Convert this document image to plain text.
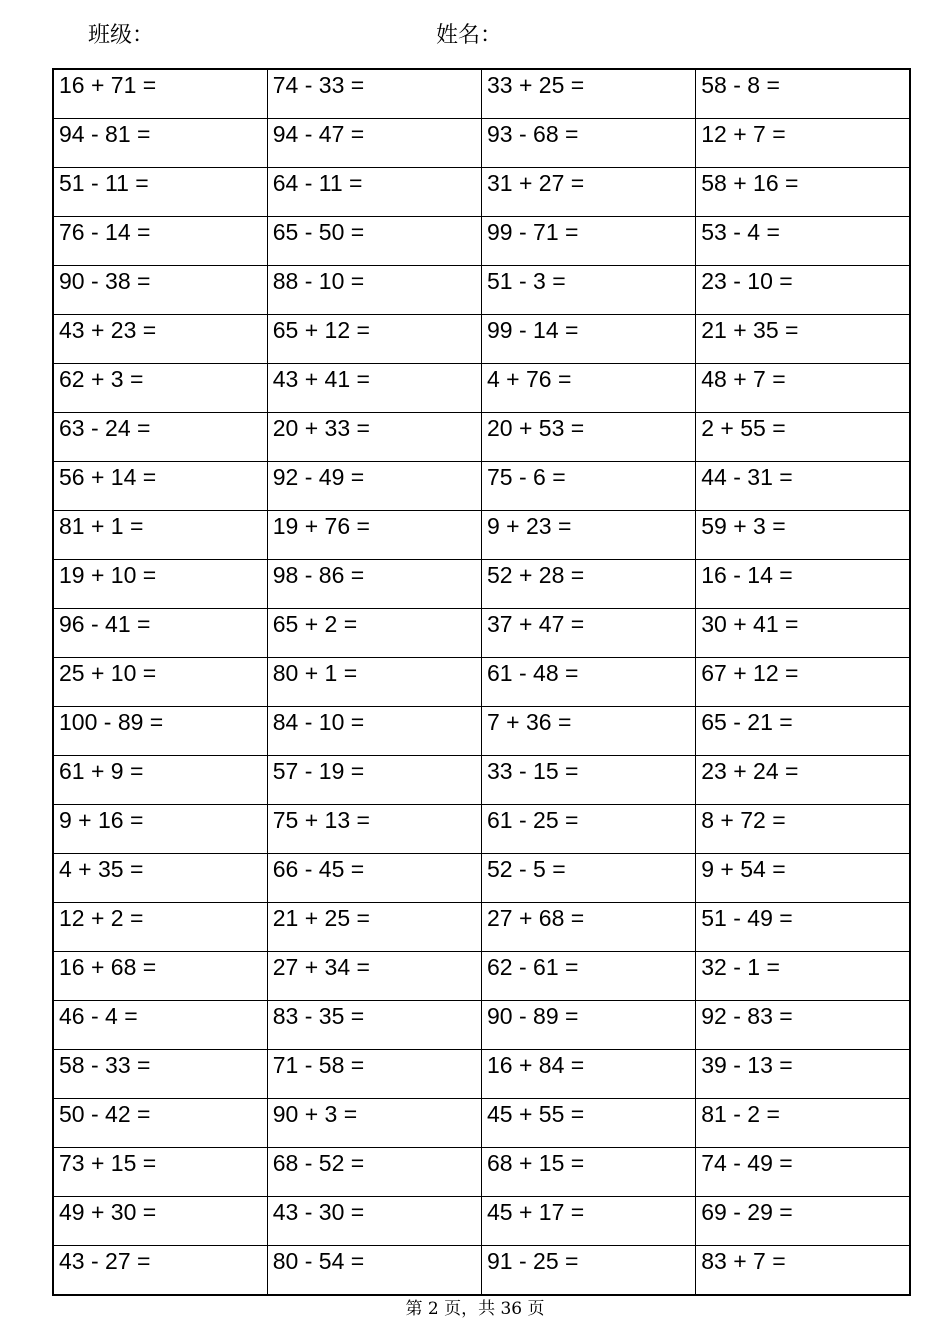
班级：	姓名：
16 + 71 =	74 - 33 =	33 + 25 =	58 - 8 =
94 - 81 =	94 - 47 =	93 - 68 =	12 + 7 =
51 - 11 =	64 - 11 =	31 + 27 =	58 + 16 =
76 - 14 =	65 - 50 =	99 - 71 =	53 - 4 =
90 - 38 =	88 - 10 =	51 - 3 =	23 - 10 =
43 + 23 =	65 + 12 =	99 - 14 =	21 + 35 =
62 + 3 =	43 + 41 =	4 + 76 =	48 + 7 =
63 - 24 =	20 + 33 =	20 + 53 =	2 + 55 =
56 + 14 =	92 - 49 =	75 - 6 =	44 - 31 =
81 + 1 =	19 + 76 =	9 + 23 =	59 + 3 =
19 + 10 =	98 - 86 =	52 + 28 =	16 - 14 =
96 - 41 =	65 + 2 =	37 + 47 =	30 + 41 =
25 + 10 =	80 + 1 =	61 - 48 =	67 + 12 =
100 - 89 =	84 - 10 =	7 + 36 =	65 - 21 =
61 + 9 =	57 - 19 =	33 - 15 =	23 + 24 =
9 + 16 =	75 + 13 =	61 - 25 =	8 + 72 =
4 + 35 =	66 - 45 =	52 - 5 =	9 + 54 =
12 + 2 =	21 + 25 =	27 + 68 =	51 - 49 =
16 + 68 =	27 + 34 =	62 - 61 =	32 - 1 =
46 - 4 =	83 - 35 =	90 - 89 =	92 - 83 =
58 - 33 =	71 - 58 =	16 + 84 =	39 - 13 =
50 - 42 =	90 + 3 =	45 + 55 =	81 - 2 =
73 + 15 =	68 - 52 =	68 + 15 =	74 - 49 =
49 + 30 =	43 - 30 =	45 + 17 =	69 - 29 =
43 - 27 =	80 - 54 =	91 - 25 =	83 + 7 =
第 2 页，共 36 页
